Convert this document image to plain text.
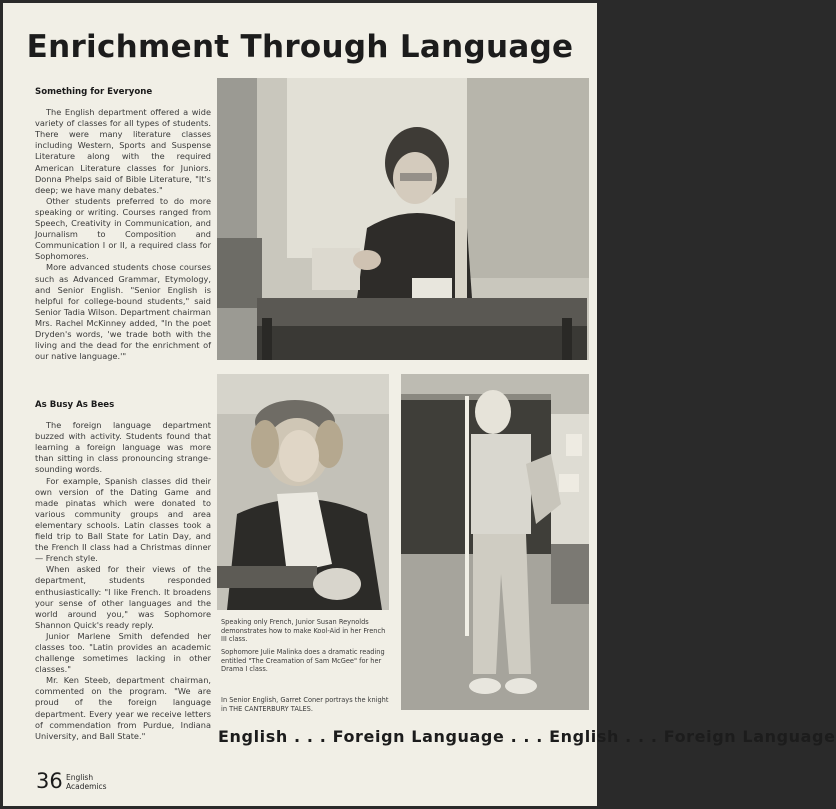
Enrichment Through Language
Something for Everyone

The English department offered a wide variety of classes for all types of students. There were many literature classes including Western, Sports and Suspense Literature along with the required American Literature classes for Juniors. Donna Phelps said of Bible Literature, "It's deep; we have many debates."

Other students preferred to do more speaking or writing. Courses ranged from Speech, Creativity in Communication, and Journalism to Composition and Communication I or II, a required class for Sophomores.

More advanced students chose courses such as Advanced Grammar, Etymology, and Senior English. "Senior English is helpful for college-bound students," said Senior Tadia Wilson. Department chairman Mrs. Rachel McKinney added, "In the poet Dryden's words, 'we trade both with the living and the dead for the enrichment of our native language.'"

As Busy As Bees

The foreign language department buzzed with activity. Students found that learning a foreign language was more than sitting in class pronouncing strange-sounding words.

For example, Spanish classes did their own version of the Dating Game and made pinatas which were donated to various community groups and area elementary schools. Latin classes took a field trip to Ball State for Latin Day, and the French II class had a Christmas dinner — French style.

When asked for their views of the department, students responded enthusiastically: "I like French. It broadens your sense of other languages and the world around you," was Sophomore Shannon Quick's ready reply.

Junior Marlene Smith defended her classes too. "Latin provides an academic challenge sometimes lacking in other classes."

Mr. Ken Steeb, department chairman, commented on the program. "We are proud of the foreign language department. Every year we receive letters of commendation from Purdue, Indiana University, and Ball State."

Speaking only French, Junior Susan Reynolds demonstrates how to make Kool-Aid in her French III class.
Sophomore Julie Malinka does a dramatic reading entitled "The Creamation of Sam McGee" for her Drama I class.
In Senior English, Garret Coner portrays the knight in THE CANTERBURY TALES.
English . . . Foreign Language . . . English . . . Foreign Language
36 English
Academics
